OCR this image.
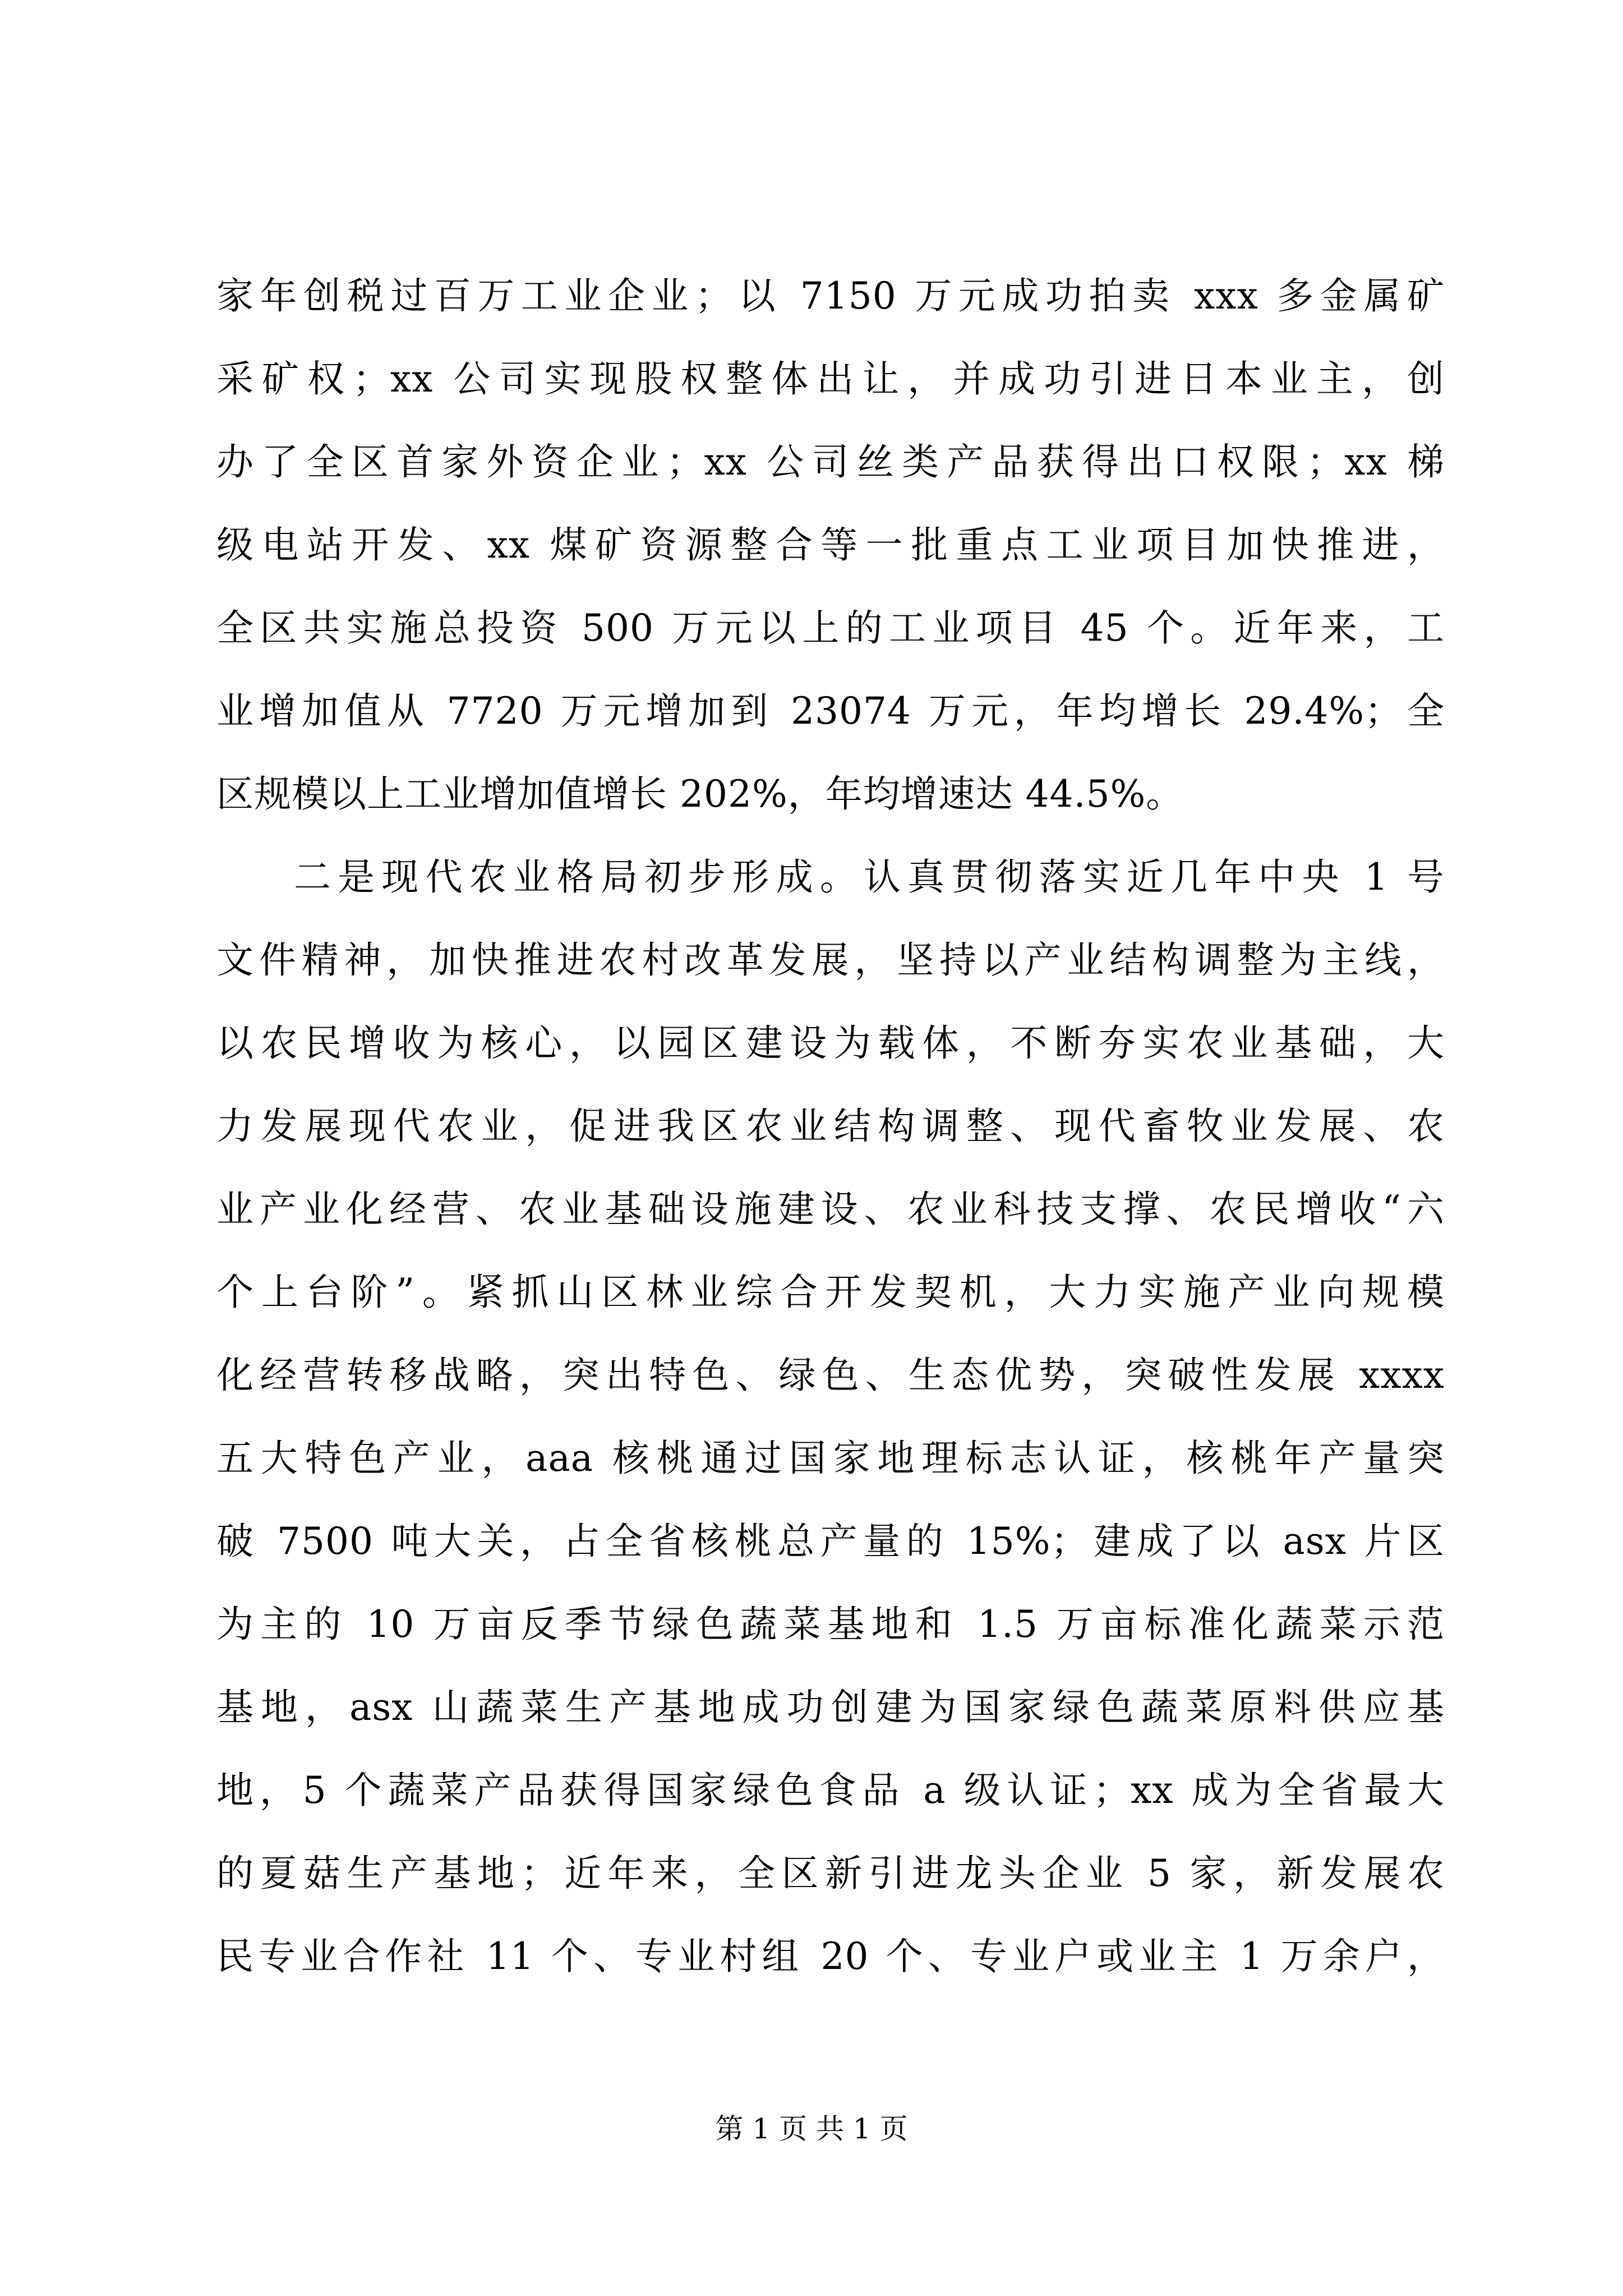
家年创税过百万工业企业；以 7150 万元成功拍卖 xxx 多金属矿
采矿权；xx 公司实现股权整体出让，并成功引进日本业主，创
办了全区首家外资企业；xx 公司丝类产品获得出口权限；xx 梯
级电站开发、xx 煤矿资源整合等一批重点工业项目加快推进，
全区共实施总投资 500 万元以上的工业项目 45 个。近年来，工
业增加值从 7720 万元增加到 23074 万元，年均增长 29.4%；全
区规模以上工业增加值增长 202%，年均增速达 44.5%。
二是现代农业格局初步形成。认真贯彻落实近几年中央 1 号
文件精神，加快推进农村改革发展，坚持以产业结构调整为主线，
以农民增收为核心，以园区建设为载体，不断夯实农业基础，大
力发展现代农业，促进我区农业结构调整、现代畜牧业发展、农
业产业化经营、农业基础设施建设、农业科技支撑、农民增收“六
个上台阶”。紧抓山区林业综合开发契机，大力实施产业向规模
化经营转移战略，突出特色、绿色、生态优势，突破性发展 xxxx
五大特色产业，aaa 核桃通过国家地理标志认证，核桃年产量突
破 7500 吨大关，占全省核桃总产量的 15%；建成了以 asx 片区
为主的 10 万亩反季节绿色蔬菜基地和 1.5 万亩标准化蔬菜示范
基地，asx 山蔬菜生产基地成功创建为国家绿色蔬菜原料供应基
地，5 个蔬菜产品获得国家绿色食品 a 级认证；xx 成为全省最大
的夏菇生产基地；近年来，全区新引进龙头企业 5 家，新发展农
民专业合作社 11 个、专业村组 20 个、专业户或业主 1 万余户，
第 1 页 共 1 页
